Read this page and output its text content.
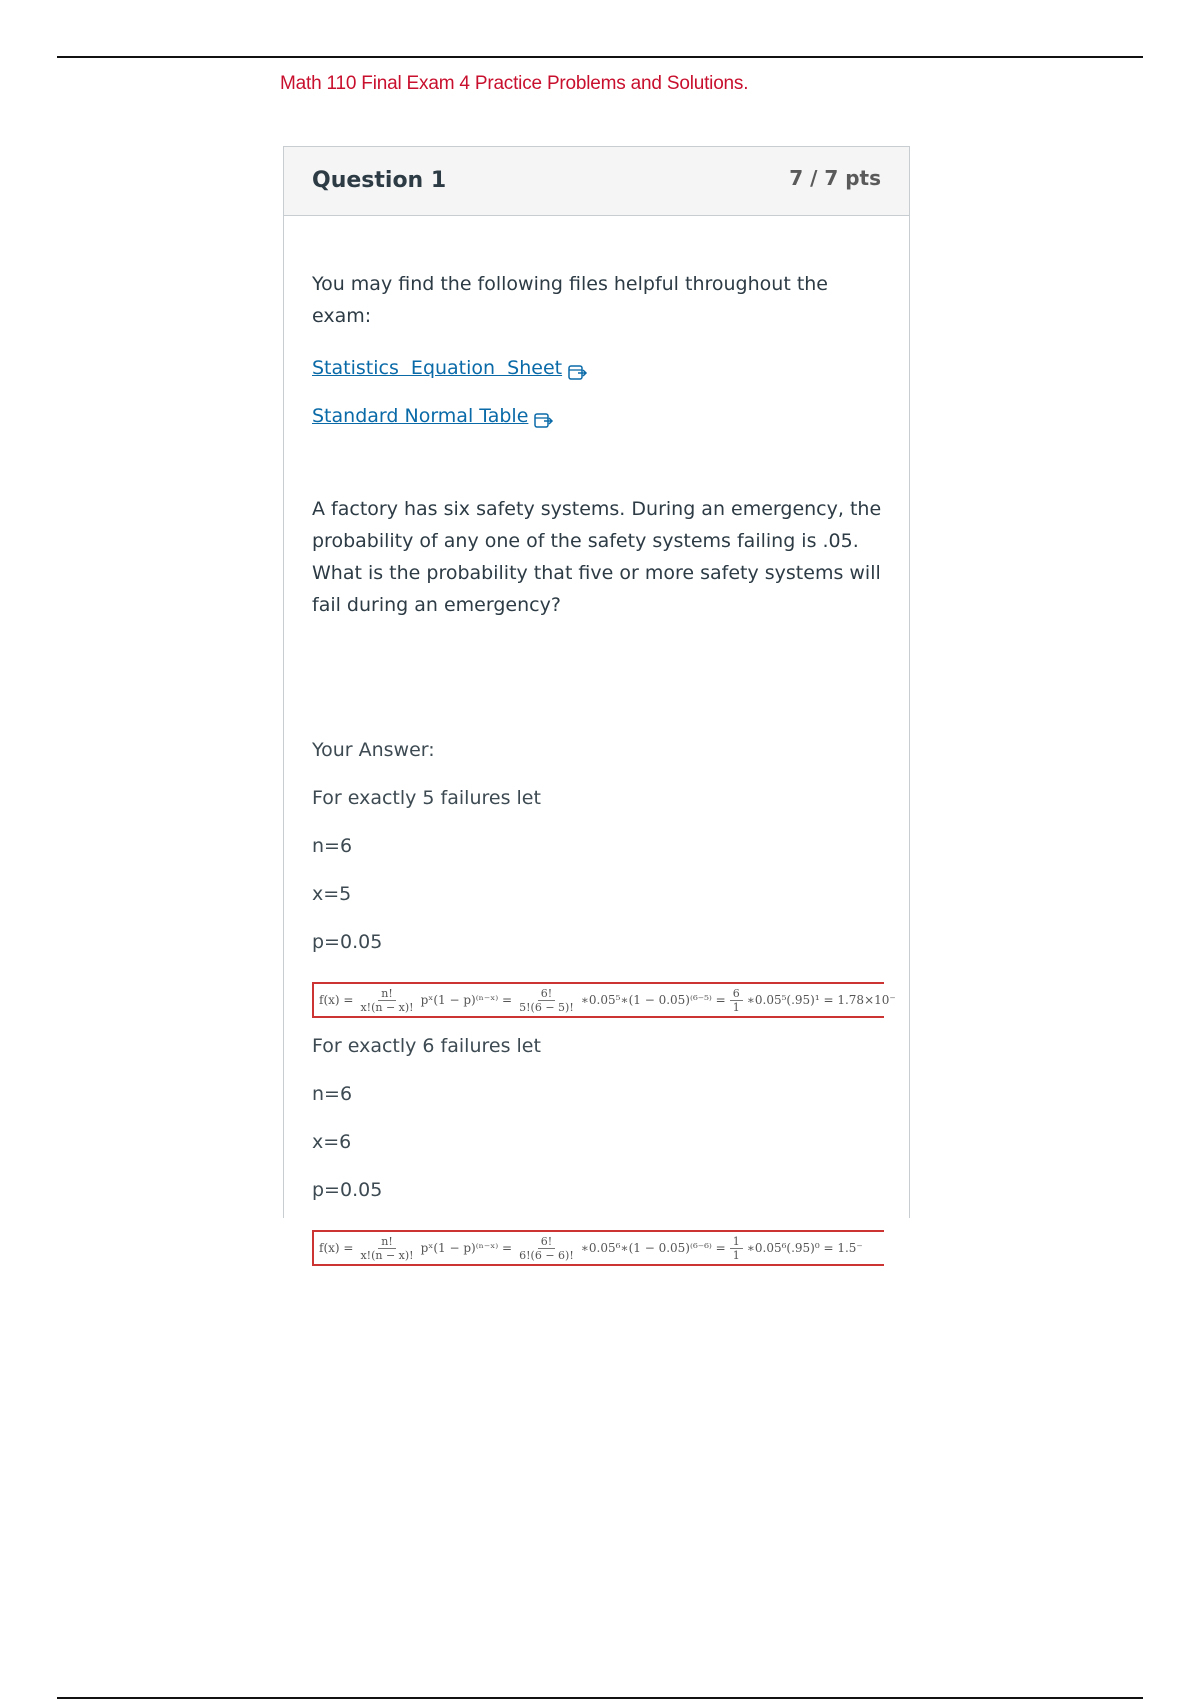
Math 110 Final Exam 4 Practice Problems and Solutions.
Question 1	7 / 7 pts

You may find the following files helpful throughout the exam:

Statistics  Equation  Sheet
Standard Normal Table

A factory has six safety systems. During an emergency, the probability of any one of the safety systems failing is .05. What is the probability that five or more safety systems will fail during an emergency?

Your Answer:
For exactly 5 failures let
n=6
x=5
p=0.05
$f(x) = \frac{n!}{x!(n - x)!}$ pˣ(1 − p)⁽ⁿ⁻ˣ⁾ = $\frac{6!}{5!(6 - 5)!}$ ∗0.05⁵∗(1 − $0.05)^{(6-5)} = \frac{6}{1}$ ∗0.05⁵(.95)¹ = 1.78×10⁻
For exactly 6 failures let
n=6
x=6
p=0.05
$f(x) = \frac{n!}{x!(n - x)!}$ pˣ(1 − p)⁽ⁿ⁻ˣ⁾ = $\frac{6!}{6!(6 - 6)!}$ ∗0.05⁶∗(1 − $0.05)^{(6-6)} = \frac{1}{1}$ ∗0.05⁶(.95)⁰ = 1.5⁻
